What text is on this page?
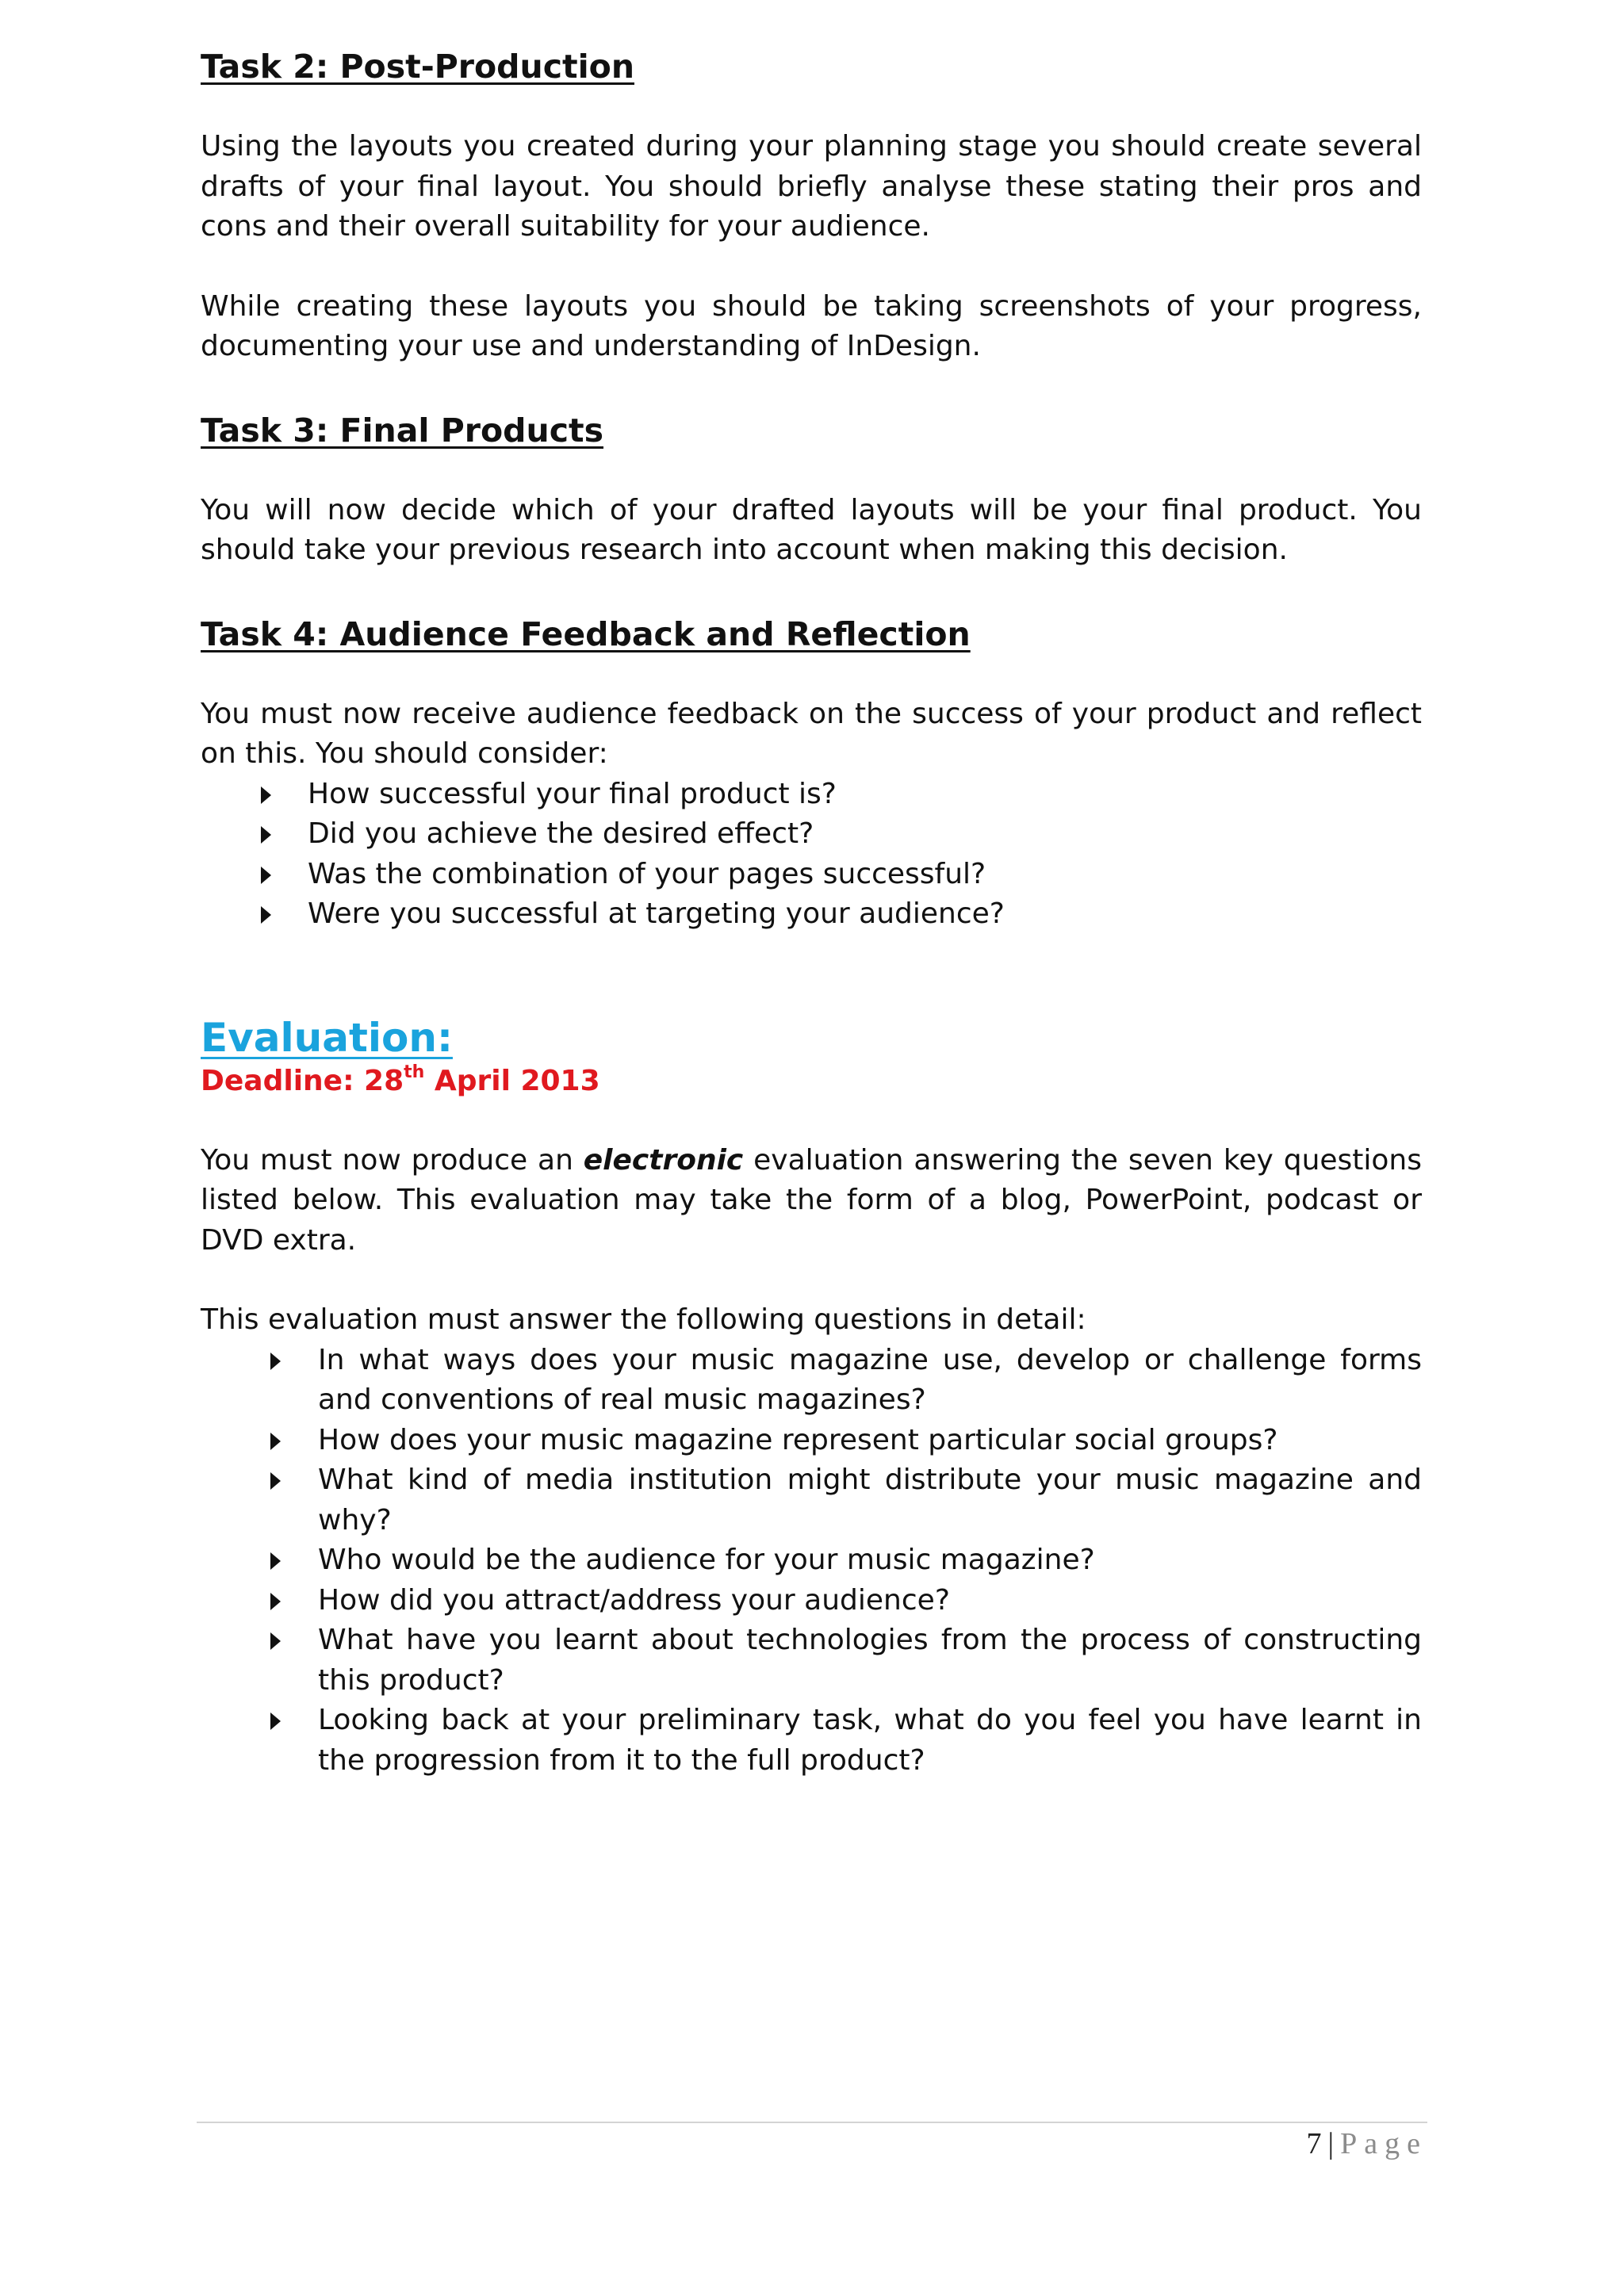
Task 2: Post-Production

Using the layouts you created during your planning stage you should create several drafts of your final layout. You should briefly analyse these stating their pros and cons and their overall suitability for your audience.

While creating these layouts you should be taking screenshots of your progress, documenting your use and understanding of InDesign.

Task 3: Final Products

You will now decide which of your drafted layouts will be your final product. You should take your previous research into account when making this decision.

Task 4: Audience Feedback and Reflection

You must now receive audience feedback on the success of your product and reflect on this. You should consider:

How successful your final product is?
Did you achieve the desired effect?
Was the combination of your pages successful?
Were you successful at targeting your audience?
Evaluation:
Deadline: 28th April 2013

You must now produce an electronic evaluation answering the seven key questions listed below. This evaluation may take the form of a blog, PowerPoint, podcast or DVD extra.

This evaluation must answer the following questions in detail:

In what ways does your music magazine use, develop or challenge forms and conventions of real music magazines?
How does your music magazine represent particular social groups?
What kind of media institution might distribute your music magazine and why?
Who would be the audience for your music magazine?
How did you attract/address your audience?
What have you learnt about technologies from the process of constructing this product?
Looking back at your preliminary task, what do you feel you have learnt in the progression from it to the full product?
7 | Page
